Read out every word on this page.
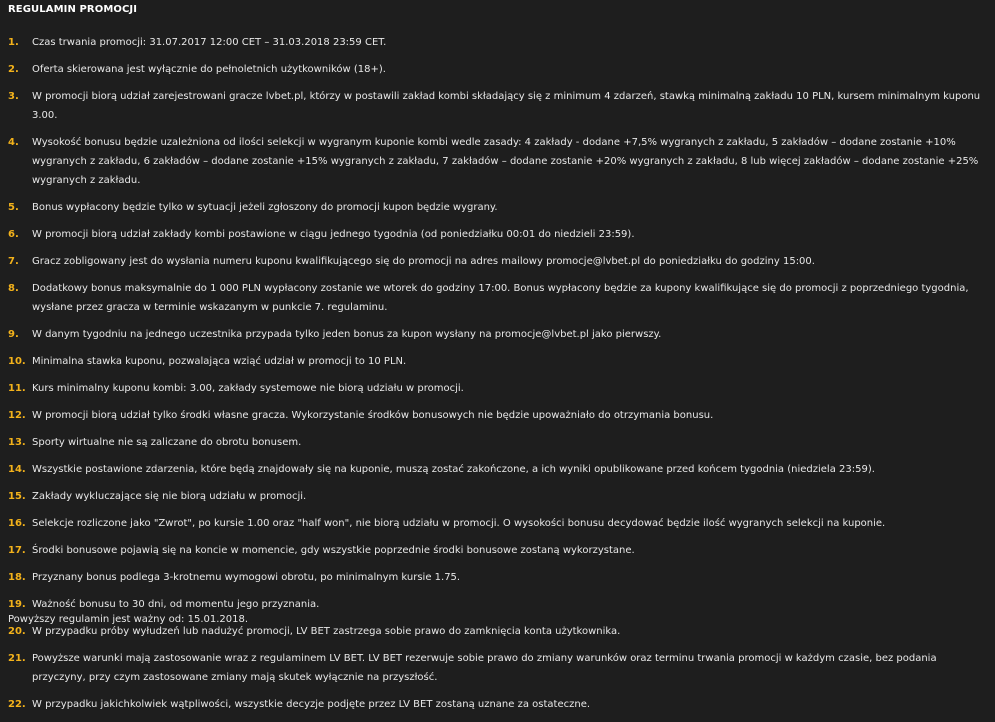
REGULAMIN PROMOCJI
1.	Czas trwania promocji: 31.07.2017 12:00 CET – 31.03.2018 23:59 CET.
2.	Oferta skierowana jest wyłącznie do pełnoletnich użytkowników (18+).
3.	W promocji biorą udział zarejestrowani gracze lvbet.pl, którzy w postawili zakład kombi składający się z minimum 4 zdarzeń, stawką minimalną zakładu 10 PLN, kursem minimalnym kuponu 3.00.
4.	Wysokość bonusu będzie uzależniona od ilości selekcji w wygranym kuponie kombi wedle zasady: 4 zakłady - dodane +7,5% wygranych z zakładu, 5 zakładów – dodane zostanie +10% wygranych z zakładu, 6 zakładów – dodane zostanie +15% wygranych z zakładu, 7 zakładów – dodane zostanie +20% wygranych z zakładu, 8 lub więcej zakładów – dodane zostanie +25% wygranych z zakładu.
5.	Bonus wypłacony będzie tylko w sytuacji jeżeli zgłoszony do promocji kupon będzie wygrany.
6.	W promocji biorą udział zakłady kombi postawione w ciągu jednego tygodnia (od poniedziałku 00:01 do niedzieli 23:59).
7.	Gracz zobligowany jest do wysłania numeru kuponu kwalifikującego się do promocji na adres mailowy promocje@lvbet.pl do poniedziałku do godziny 15:00.
8.	Dodatkowy bonus maksymalnie do 1 000 PLN wypłacony zostanie we wtorek do godziny 17:00. Bonus wypłacony będzie za kupony kwalifikujące się do promocji z poprzedniego tygodnia, wysłane przez gracza w terminie wskazanym w punkcie 7. regulaminu.
9.	W danym tygodniu na jednego uczestnika przypada tylko jeden bonus za kupon wysłany na promocje@lvbet.pl jako pierwszy.
10. Minimalna stawka kuponu, pozwalająca wziąć udział w promocji to 10 PLN.
11. Kurs minimalny kuponu kombi: 3.00, zakłady systemowe nie biorą udziału w promocji.
12. W promocji biorą udział tylko środki własne gracza. Wykorzystanie środków bonusowych nie będzie upoważniało do otrzymania bonusu.
13. Sporty wirtualne nie są zaliczane do obrotu bonusem.
14. Wszystkie postawione zdarzenia, które będą znajdowały się na kuponie, muszą zostać zakończone, a ich wyniki opublikowane przed końcem tygodnia (niedziela 23:59).
15. Zakłady wykluczające się nie biorą udziału w promocji.
16. Selekcje rozliczone jako "Zwrot", po kursie 1.00 oraz "half won", nie biorą udziału w promocji. O wysokości bonusu decydować będzie ilość wygranych selekcji na kuponie.
17. Środki bonusowe pojawią się na koncie w momencie, gdy wszystkie poprzednie środki bonusowe zostaną wykorzystane.
18. Przyznany bonus podlega 3-krotnemu wymogowi obrotu, po minimalnym kursie 1.75.
19. Ważność bonusu to 30 dni, od momentu jego przyznania.
20. W przypadku próby wyłudzeń lub nadużyć promocji, LV BET zastrzega sobie prawo do zamknięcia konta użytkownika.
21. Powyższe warunki mają zastosowanie wraz z regulaminem LV BET. LV BET rezerwuje sobie prawo do zmiany warunków oraz terminu trwania promocji w każdym czasie, bez podania przyczyny, przy czym zastosowane zmiany mają skutek wyłącznie na przyszłość.
22. W przypadku jakichkolwiek wątpliwości, wszystkie decyzje podjęte przez LV BET zostaną uznane za ostateczne.
Powyższy regulamin jest ważny od: 15.01.2018.
